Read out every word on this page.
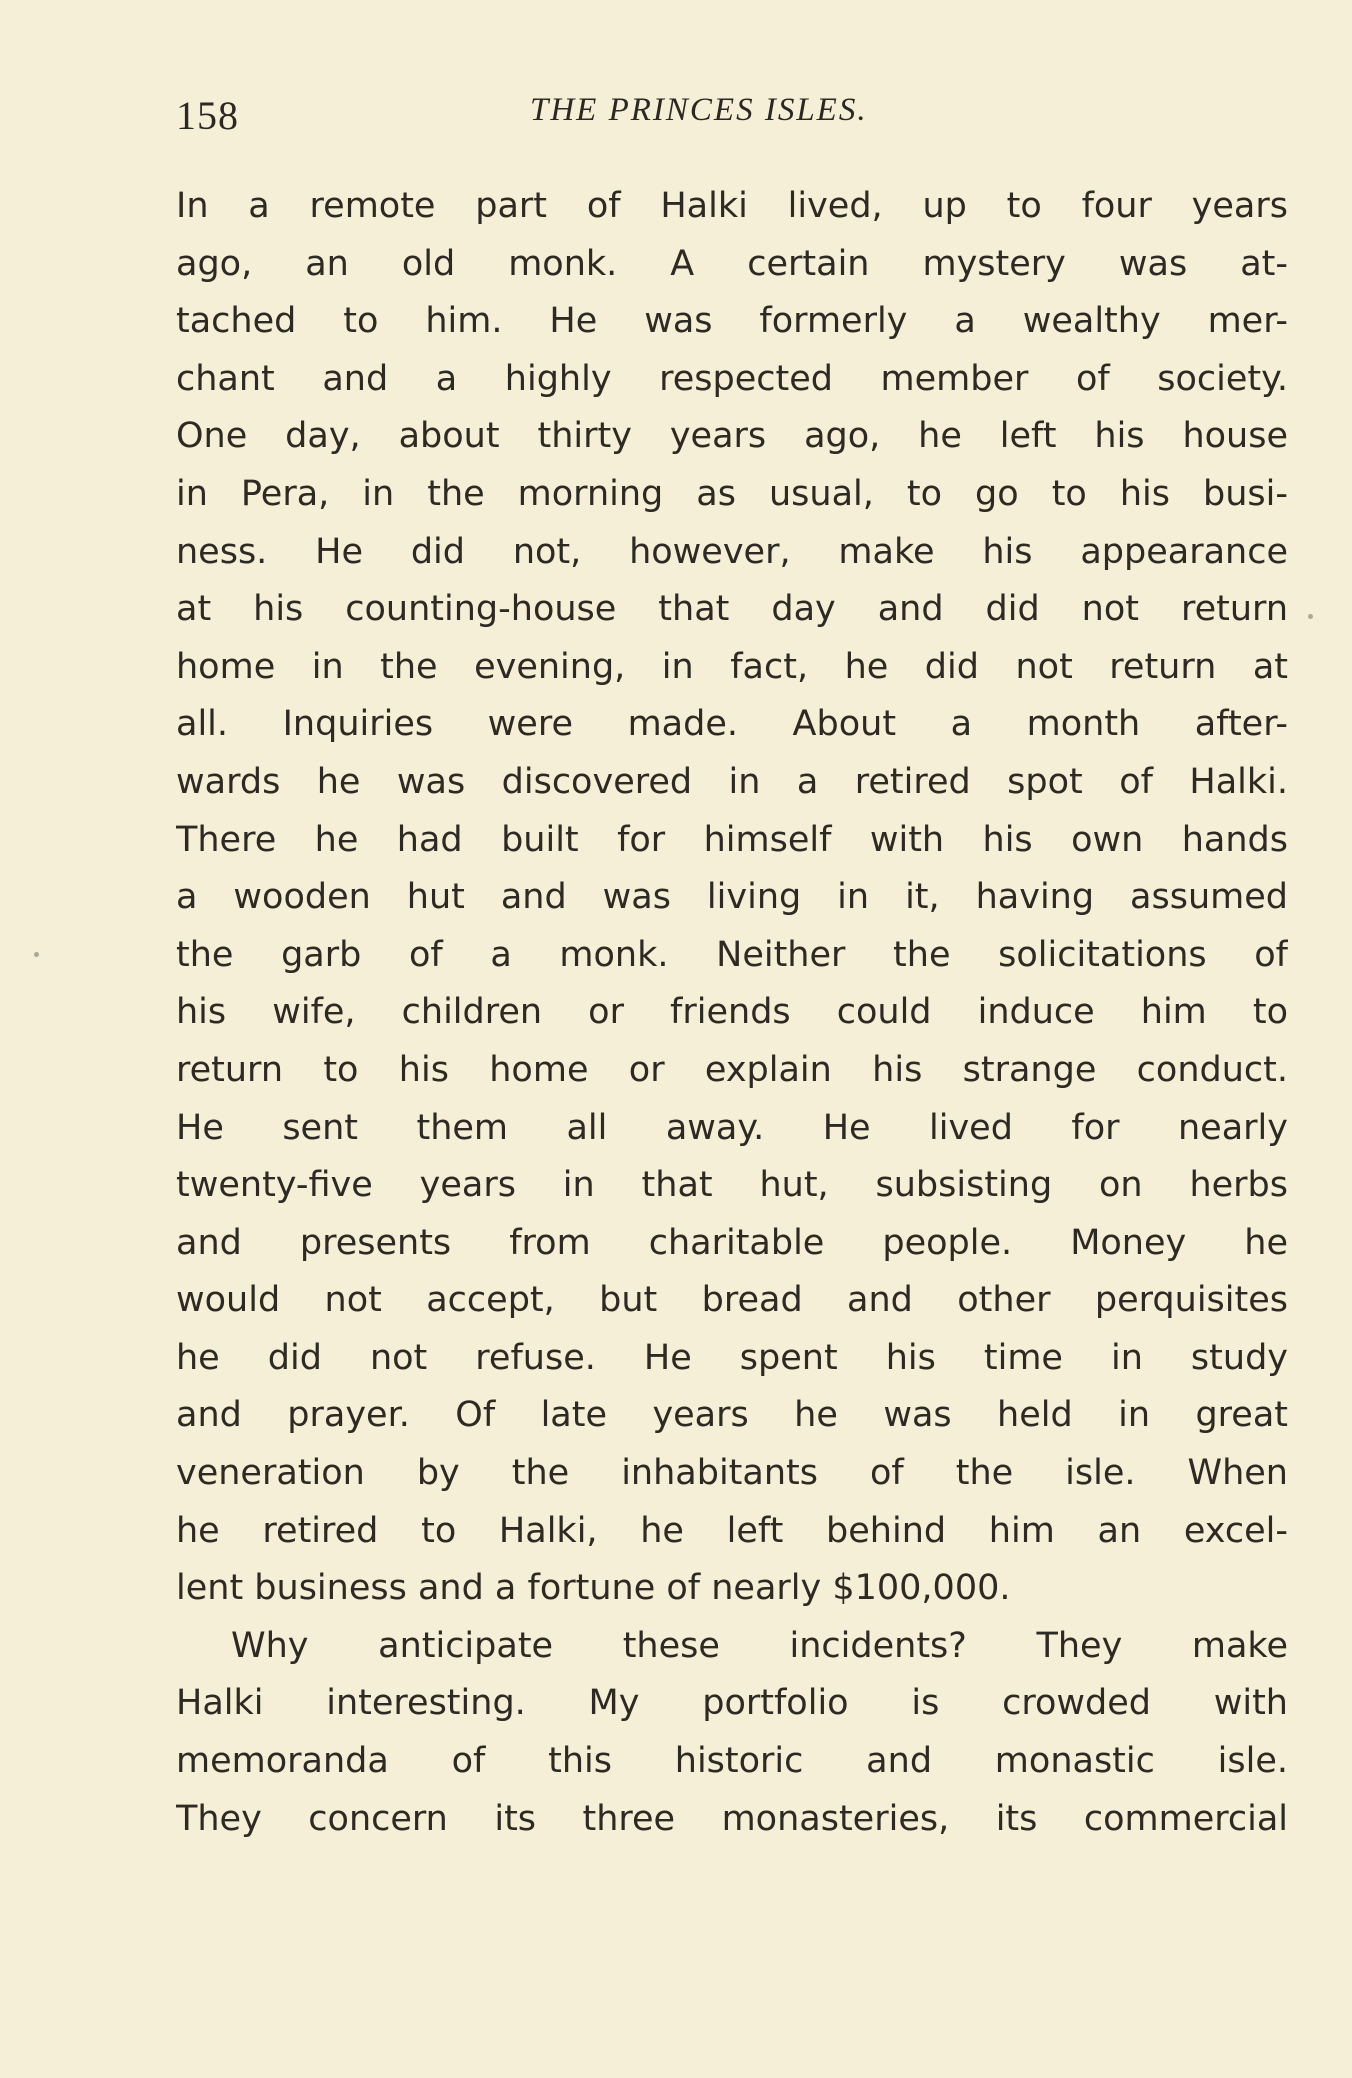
158	THE PRINCES ISLES.
In a remote part of Halki lived, up to four years
ago, an old monk. A certain mystery was at-
tached to him. He was formerly a wealthy mer-
chant and a highly respected member of society.
One day, about thirty years ago, he left his house
in Pera, in the morning as usual, to go to his busi-
ness. He did not, however, make his appearance
at his counting-house that day and did not return
home in the evening, in fact, he did not return at
all. Inquiries were made. About a month after-
wards he was discovered in a retired spot of Halki.
There he had built for himself with his own hands
a wooden hut and was living in it, having assumed
the garb of a monk. Neither the solicitations of
his wife, children or friends could induce him to
return to his home or explain his strange conduct.
He sent them all away. He lived for nearly
twenty-five years in that hut, subsisting on herbs
and presents from charitable people. Money he
would not accept, but bread and other perquisites
he did not refuse. He spent his time in study
and prayer. Of late years he was held in great
veneration by the inhabitants of the isle. When
he retired to Halki, he left behind him an excel-
lent business and a fortune of nearly $100,000.
Why anticipate these incidents? They make
Halki interesting. My portfolio is crowded with
memoranda of this historic and monastic isle.
They concern its three monasteries, its commercial
